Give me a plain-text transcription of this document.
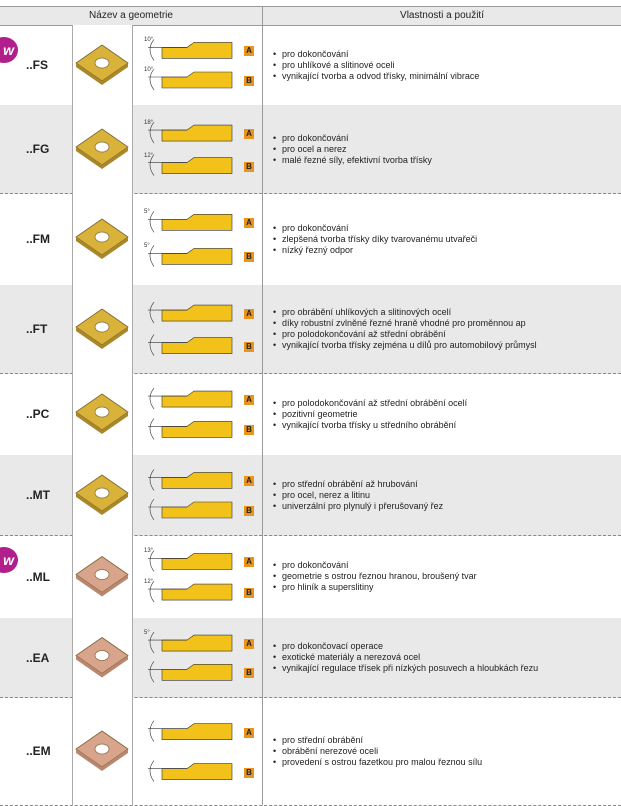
Název a geometrie	Vlastnosti a použití
w
..FS
10°
10°
A
B
• pro dokončování
• pro uhlíkové a slitinové oceli
• vynikající tvorba a odvod třísky, minimální vibrace
..FG
18°
12°
A
B
• pro dokončování
• pro ocel a nerez
• malé řezné síly, efektivní tvorba třísky
..FM
5°
5°
A
B
• pro dokončování
• zlepšená tvorba třísky díky tvarovanému utvařeči
• nízký řezný odpor
..FT
A
B
• pro obrábění uhlíkových a slitinových ocelí
• díky robustní zvlněné řezné hraně vhodné pro proměnnou ap
• pro polodokončování až střední obrábění
• vynikající tvorba třísky zejména u dílů pro automobilový průmysl
..PC
A
B
• pro polodokončování až střední obrábění ocelí
• pozitivní geometrie
• vynikající tvorba třísky u středního obrábění
..MT
A
B
• pro střední obrábění až hrubování
• pro ocel, nerez a litinu
• univerzální pro plynulý i přerušovaný řez
w
..ML
13°
12°
A
B
• pro dokončování
• geometrie s ostrou řeznou hranou, broušený tvar
• pro hliník a superslitiny
..EA
5°
A
B
• pro dokončovací operace
• exotické materiály a nerezová ocel
• vynikající regulace třísek při nízkých posuvech a hloubkách řezu
..EM
A
B
• pro střední obrábění
• obrábění nerezové oceli
• provedení s ostrou fazetkou pro malou řeznou sílu
